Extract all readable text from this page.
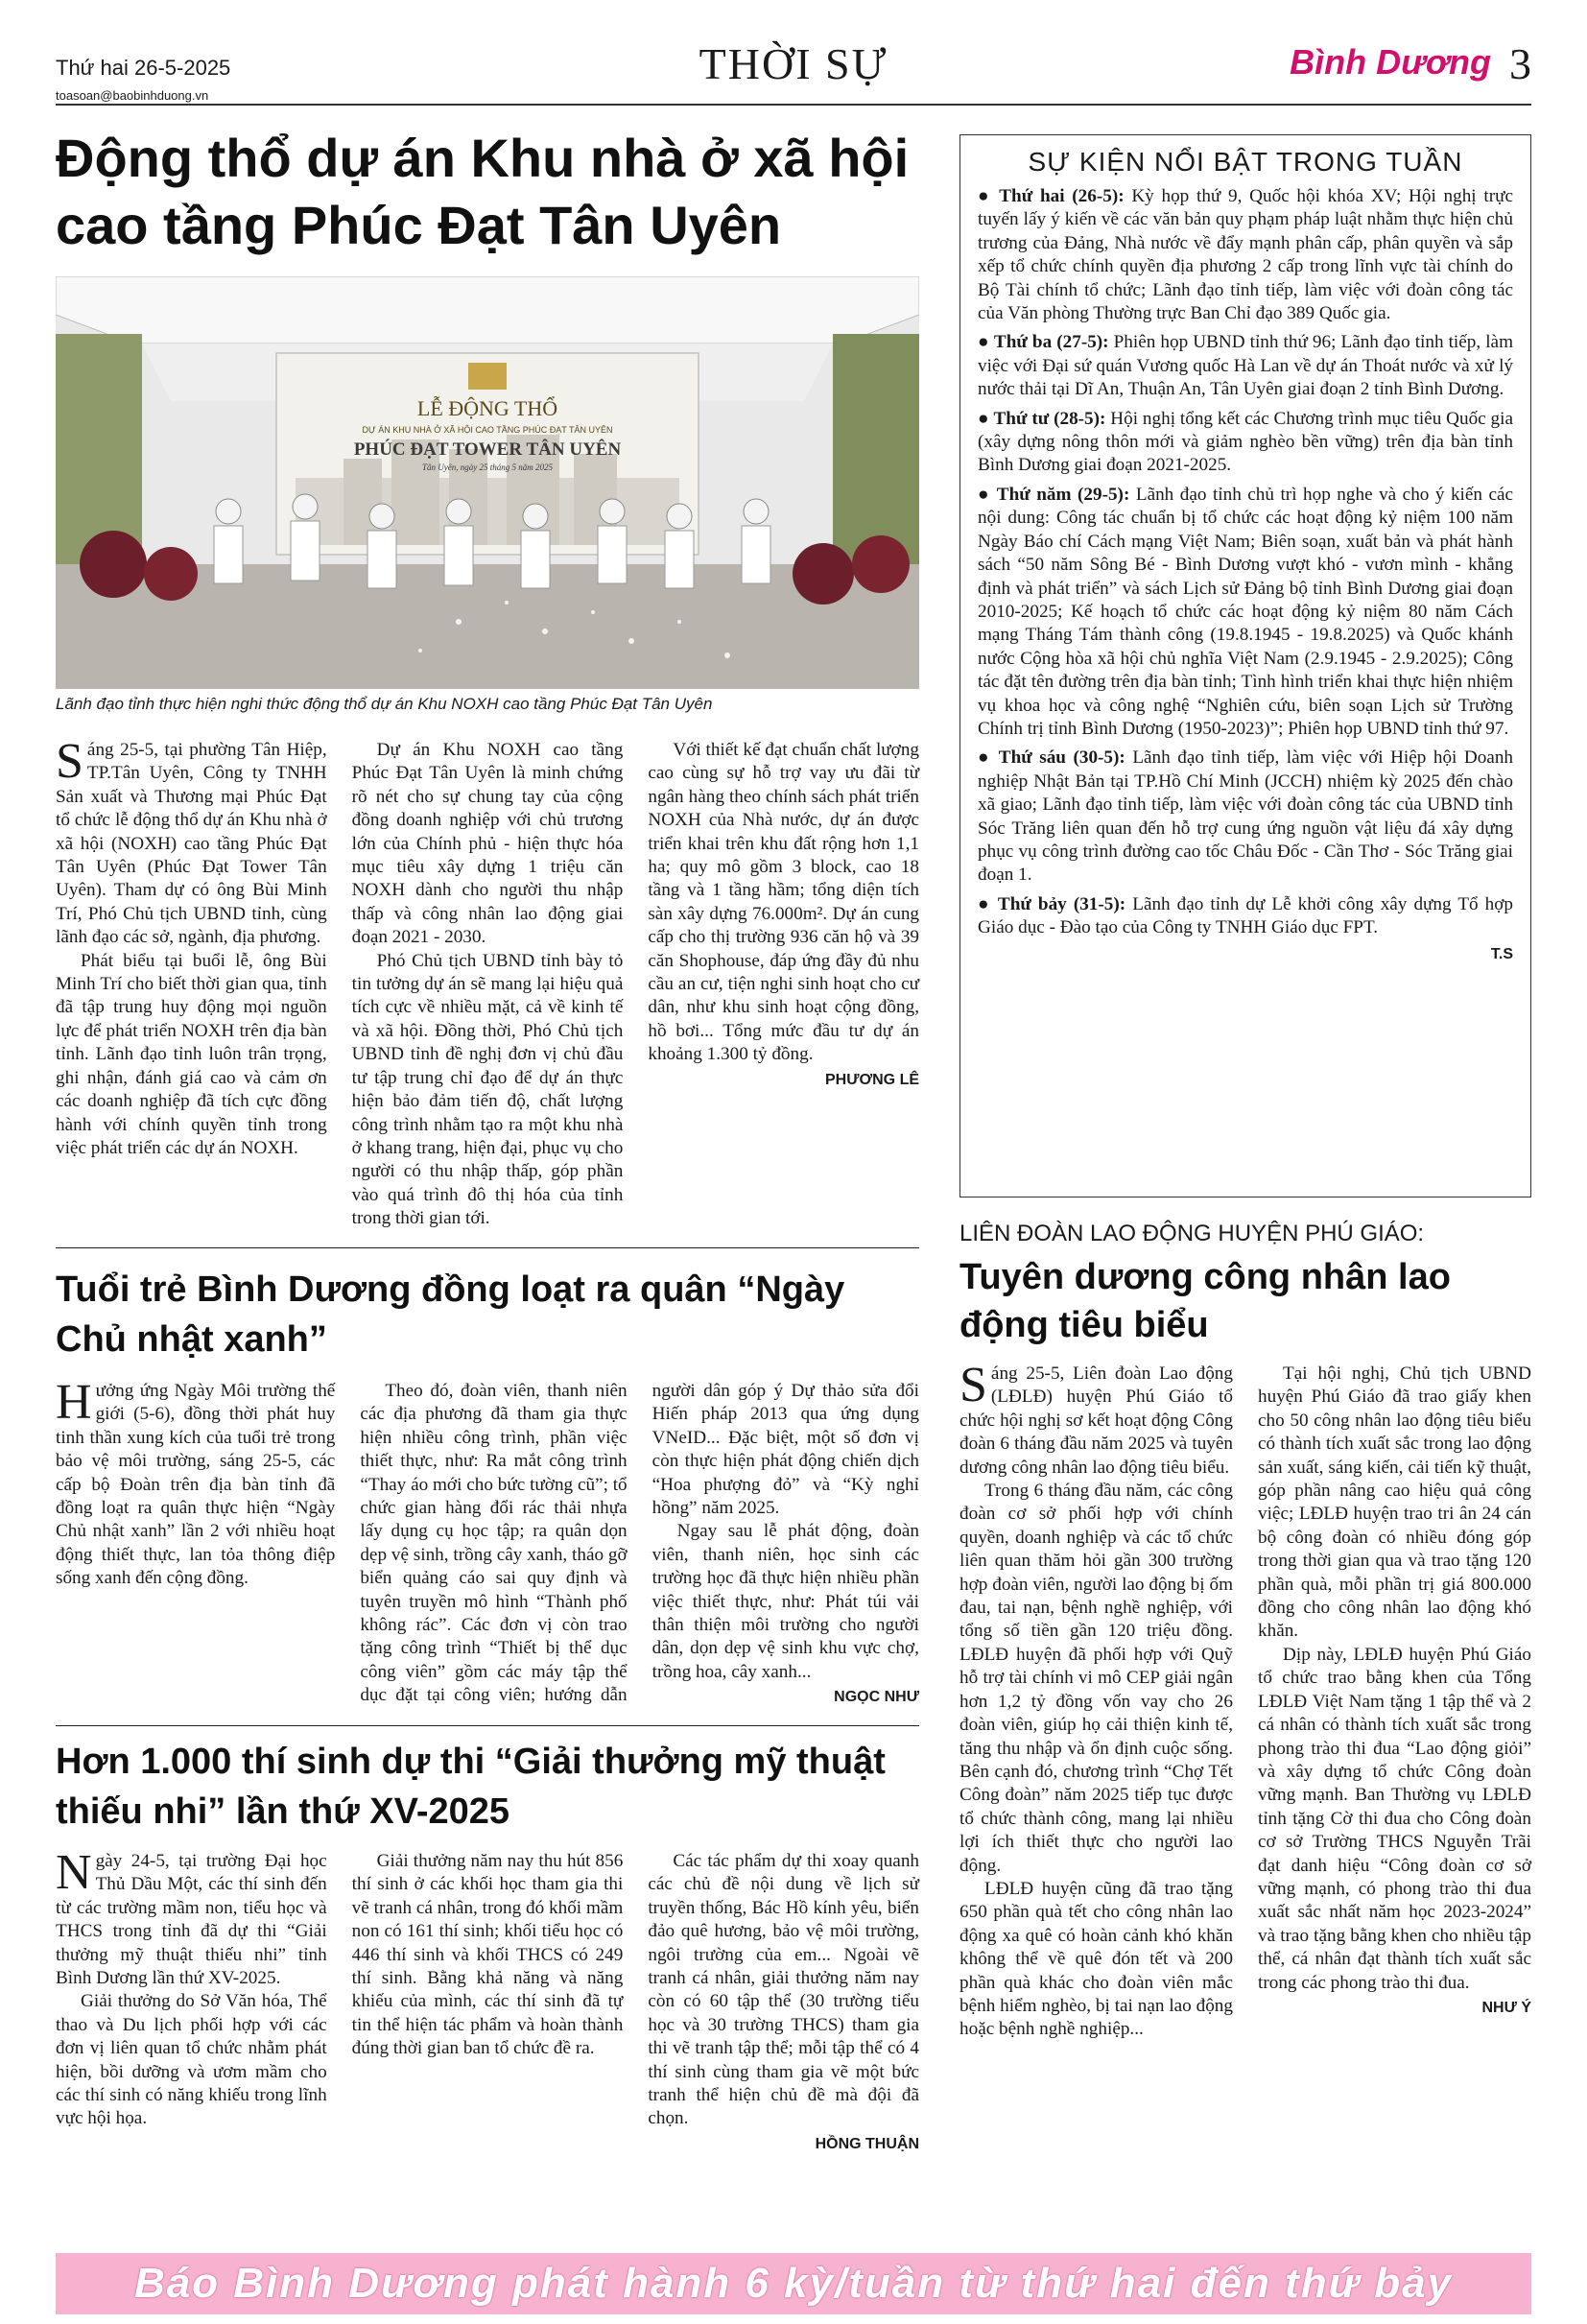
Thứ hai 26-5-2025
toasoan@baobinhduong.vn
THỜI SỰ	Bình Dương 3
Động thổ dự án Khu nhà ở xã hội cao tầng Phúc Đạt Tân Uyên
LỄ ĐỘNG THỔ
DỰ ÁN KHU NHÀ Ở XÃ HỘI CAO TẦNG PHÚC ĐẠT TÂN UYÊN
PHÚC ĐẠT TOWER TÂN UYÊN
Tân Uyên, ngày 25 tháng 5 năm 2025
Lãnh đạo tỉnh thực hiện nghi thức động thổ dự án Khu NOXH cao tầng Phúc Đạt Tân Uyên

Sáng 25-5, tại phường Tân Hiệp, TP.Tân Uyên, Công ty TNHH Sản xuất và Thương mại Phúc Đạt tổ chức lễ động thổ dự án Khu nhà ở xã hội (NOXH) cao tầng Phúc Đạt Tân Uyên (Phúc Đạt Tower Tân Uyên). Tham dự có ông Bùi Minh Trí, Phó Chủ tịch UBND tỉnh, cùng lãnh đạo các sở, ngành, địa phương.

Phát biểu tại buổi lễ, ông Bùi Minh Trí cho biết thời gian qua, tỉnh đã tập trung huy động mọi nguồn lực để phát triển NOXH trên địa bàn tỉnh. Lãnh đạo tỉnh luôn trân trọng, ghi nhận, đánh giá cao và cảm ơn các doanh nghiệp đã tích cực đồng hành với chính quyền tỉnh trong việc phát triển các dự án NOXH.

Dự án Khu NOXH cao tầng Phúc Đạt Tân Uyên là minh chứng rõ nét cho sự chung tay của cộng đồng doanh nghiệp với chủ trương lớn của Chính phủ - hiện thực hóa mục tiêu xây dựng 1 triệu căn NOXH dành cho người thu nhập thấp và công nhân lao động giai đoạn 2021 - 2030.

Phó Chủ tịch UBND tỉnh bày tỏ tin tưởng dự án sẽ mang lại hiệu quả tích cực về nhiều mặt, cả về kinh tế và xã hội. Đồng thời, Phó Chủ tịch UBND tỉnh đề nghị đơn vị chủ đầu tư tập trung chỉ đạo để dự án thực hiện bảo đảm tiến độ, chất lượng công trình nhằm tạo ra một khu nhà ở khang trang, hiện đại, phục vụ cho người có thu nhập thấp, góp phần vào quá trình đô thị hóa của tỉnh trong thời gian tới.

Với thiết kế đạt chuẩn chất lượng cao cùng sự hỗ trợ vay ưu đãi từ ngân hàng theo chính sách phát triển NOXH của Nhà nước, dự án được triển khai trên khu đất rộng hơn 1,1 ha; quy mô gồm 3 block, cao 18 tầng và 1 tầng hầm; tổng diện tích sàn xây dựng 76.000m². Dự án cung cấp cho thị trường 936 căn hộ và 39 căn Shophouse, đáp ứng đầy đủ nhu cầu an cư, tiện nghi sinh hoạt cho cư dân, như khu sinh hoạt cộng đồng, hồ bơi... Tổng mức đầu tư dự án khoảng 1.300 tỷ đồng.

PHƯƠNG LÊ
SỰ KIỆN NỔI BẬT TRONG TUẦN

● Thứ hai (26-5): Kỳ họp thứ 9, Quốc hội khóa XV; Hội nghị trực tuyến lấy ý kiến về các văn bản quy phạm pháp luật nhằm thực hiện chủ trương của Đảng, Nhà nước về đẩy mạnh phân cấp, phân quyền và sắp xếp tổ chức chính quyền địa phương 2 cấp trong lĩnh vực tài chính do Bộ Tài chính tổ chức; Lãnh đạo tỉnh tiếp, làm việc với đoàn công tác của Văn phòng Thường trực Ban Chỉ đạo 389 Quốc gia.

● Thứ ba (27-5): Phiên họp UBND tỉnh thứ 96; Lãnh đạo tỉnh tiếp, làm việc với Đại sứ quán Vương quốc Hà Lan về dự án Thoát nước và xử lý nước thải tại Dĩ An, Thuận An, Tân Uyên giai đoạn 2 tỉnh Bình Dương.

● Thứ tư (28-5): Hội nghị tổng kết các Chương trình mục tiêu Quốc gia (xây dựng nông thôn mới và giảm nghèo bền vững) trên địa bàn tỉnh Bình Dương giai đoạn 2021-2025.

● Thứ năm (29-5): Lãnh đạo tỉnh chủ trì họp nghe và cho ý kiến các nội dung: Công tác chuẩn bị tổ chức các hoạt động kỷ niệm 100 năm Ngày Báo chí Cách mạng Việt Nam; Biên soạn, xuất bản và phát hành sách “50 năm Sông Bé - Bình Dương vượt khó - vươn mình - khẳng định và phát triển” và sách Lịch sử Đảng bộ tỉnh Bình Dương giai đoạn 2010-2025; Kế hoạch tổ chức các hoạt động kỷ niệm 80 năm Cách mạng Tháng Tám thành công (19.8.1945 - 19.8.2025) và Quốc khánh nước Cộng hòa xã hội chủ nghĩa Việt Nam (2.9.1945 - 2.9.2025); Công tác đặt tên đường trên địa bàn tỉnh; Tình hình triển khai thực hiện nhiệm vụ khoa học và công nghệ “Nghiên cứu, biên soạn Lịch sử Trường Chính trị tỉnh Bình Dương (1950-2023)”; Phiên họp UBND tỉnh thứ 97.

● Thứ sáu (30-5): Lãnh đạo tỉnh tiếp, làm việc với Hiệp hội Doanh nghiệp Nhật Bản tại TP.Hồ Chí Minh (JCCH) nhiệm kỳ 2025 đến chào xã giao; Lãnh đạo tỉnh tiếp, làm việc với đoàn công tác của UBND tỉnh Sóc Trăng liên quan đến hỗ trợ cung ứng nguồn vật liệu đá xây dựng phục vụ công trình đường cao tốc Châu Đốc - Cần Thơ - Sóc Trăng giai đoạn 1.

● Thứ bảy (31-5): Lãnh đạo tỉnh dự Lễ khởi công xây dựng Tổ hợp Giáo dục - Đào tạo của Công ty TNHH Giáo dục FPT.

T.S
Tuổi trẻ Bình Dương đồng loạt ra quân “Ngày Chủ nhật xanh”

Hưởng ứng Ngày Môi trường thế giới (5-6), đồng thời phát huy tinh thần xung kích của tuổi trẻ trong bảo vệ môi trường, sáng 25-5, các cấp bộ Đoàn trên địa bàn tỉnh đã đồng loạt ra quân thực hiện “Ngày Chủ nhật xanh” lần 2 với nhiều hoạt động thiết thực, lan tỏa thông điệp sống xanh đến cộng đồng.

Theo đó, đoàn viên, thanh niên các địa phương đã tham gia thực hiện nhiều công trình, phần việc thiết thực, như: Ra mắt công trình “Thay áo mới cho bức tường cũ”; tổ chức gian hàng đổi rác thải nhựa lấy dụng cụ học tập; ra quân dọn dẹp vệ sinh, trồng cây xanh, tháo gỡ biển quảng cáo sai quy định và tuyên truyền mô hình “Thành phố không rác”. Các đơn vị còn trao tặng công trình “Thiết bị thể dục công viên” gồm các máy tập thể dục đặt tại công viên; hướng dẫn người dân góp ý Dự thảo sửa đổi Hiến pháp 2013 qua ứng dụng VNeID... Đặc biệt, một số đơn vị còn thực hiện phát động chiến dịch “Hoa phượng đỏ” và “Kỳ nghỉ hồng” năm 2025.

Ngay sau lễ phát động, đoàn viên, thanh niên, học sinh các trường học đã thực hiện nhiều phần việc thiết thực, như: Phát túi vải thân thiện môi trường cho người dân, dọn dẹp vệ sinh khu vực chợ, trồng hoa, cây xanh...

NGỌC NHƯ
Hơn 1.000 thí sinh dự thi “Giải thưởng mỹ thuật thiếu nhi” lần thứ XV-2025

Ngày 24-5, tại trường Đại học Thủ Dầu Một, các thí sinh đến từ các trường mầm non, tiểu học và THCS trong tỉnh đã dự thi “Giải thưởng mỹ thuật thiếu nhi” tỉnh Bình Dương lần thứ XV-2025.

Giải thưởng do Sở Văn hóa, Thể thao và Du lịch phối hợp với các đơn vị liên quan tổ chức nhằm phát hiện, bồi dưỡng và ươm mầm cho các thí sinh có năng khiếu trong lĩnh vực hội họa.

Giải thưởng năm nay thu hút 856 thí sinh ở các khối học tham gia thi vẽ tranh cá nhân, trong đó khối mầm non có 161 thí sinh; khối tiểu học có 446 thí sinh và khối THCS có 249 thí sinh. Bằng khả năng và năng khiếu của mình, các thí sinh đã tự tin thể hiện tác phẩm và hoàn thành đúng thời gian ban tổ chức đề ra.

Các tác phẩm dự thi xoay quanh các chủ đề nội dung về lịch sử truyền thống, Bác Hồ kính yêu, biển đảo quê hương, bảo vệ môi trường, ngôi trường của em... Ngoài vẽ tranh cá nhân, giải thưởng năm nay còn có 60 tập thể (30 trường tiểu học và 30 trường THCS) tham gia thi vẽ tranh tập thể; mỗi tập thể có 4 thí sinh cùng tham gia vẽ một bức tranh thể hiện chủ đề mà đội đã chọn.

HỒNG THUẬN
LIÊN ĐOÀN LAO ĐỘNG HUYỆN PHÚ GIÁO:
Tuyên dương công nhân lao động tiêu biểu

Sáng 25-5, Liên đoàn Lao động (LĐLĐ) huyện Phú Giáo tổ chức hội nghị sơ kết hoạt động Công đoàn 6 tháng đầu năm 2025 và tuyên dương công nhân lao động tiêu biểu.

Trong 6 tháng đầu năm, các công đoàn cơ sở phối hợp với chính quyền, doanh nghiệp và các tổ chức liên quan thăm hỏi gần 300 trường hợp đoàn viên, người lao động bị ốm đau, tai nạn, bệnh nghề nghiệp, với tổng số tiền gần 120 triệu đồng. LĐLĐ huyện đã phối hợp với Quỹ hỗ trợ tài chính vi mô CEP giải ngân hơn 1,2 tỷ đồng vốn vay cho 26 đoàn viên, giúp họ cải thiện kinh tế, tăng thu nhập và ổn định cuộc sống. Bên cạnh đó, chương trình “Chợ Tết Công đoàn” năm 2025 tiếp tục được tổ chức thành công, mang lại nhiều lợi ích thiết thực cho người lao động.

LĐLĐ huyện cũng đã trao tặng 650 phần quà tết cho công nhân lao động xa quê có hoàn cảnh khó khăn không thể về quê đón tết và 200 phần quà khác cho đoàn viên mắc bệnh hiểm nghèo, bị tai nạn lao động hoặc bệnh nghề nghiệp...

Tại hội nghị, Chủ tịch UBND huyện Phú Giáo đã trao giấy khen cho 50 công nhân lao động tiêu biểu có thành tích xuất sắc trong lao động sản xuất, sáng kiến, cải tiến kỹ thuật, góp phần nâng cao hiệu quả công việc; LĐLĐ huyện trao tri ân 24 cán bộ công đoàn có nhiều đóng góp trong thời gian qua và trao tặng 120 phần quà, mỗi phần trị giá 800.000 đồng cho công nhân lao động khó khăn.

Dịp này, LĐLĐ huyện Phú Giáo tổ chức trao bằng khen của Tổng LĐLĐ Việt Nam tặng 1 tập thể và 2 cá nhân có thành tích xuất sắc trong phong trào thi đua “Lao động giỏi” và xây dựng tổ chức Công đoàn vững mạnh. Ban Thường vụ LĐLĐ tỉnh tặng Cờ thi đua cho Công đoàn cơ sở Trường THCS Nguyễn Trãi đạt danh hiệu “Công đoàn cơ sở vững mạnh, có phong trào thi đua xuất sắc nhất năm học 2023-2024” và trao tặng bằng khen cho nhiều tập thể, cá nhân đạt thành tích xuất sắc trong các phong trào thi đua.

NHƯ Ý
Báo Bình Dương phát hành 6 kỳ/tuần từ thứ hai đến thứ bảy
